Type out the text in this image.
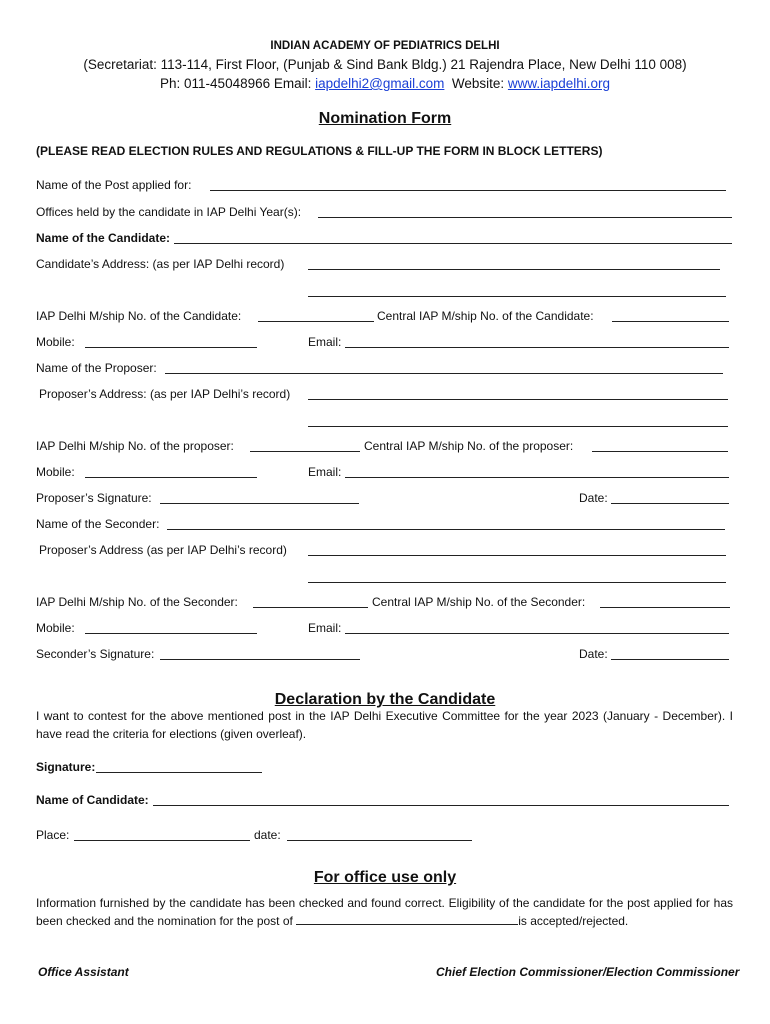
INDIAN ACADEMY OF PEDIATRICS DELHI
(Secretariat: 113-114, First Floor, (Punjab & Sind Bank Bldg.) 21 Rajendra Place, New Delhi 110 008)
Ph: 011-45048966 Email: iapdelhi2@gmail.com  Website: www.iapdelhi.org
Nomination Form
(PLEASE READ ELECTION RULES AND REGULATIONS & FILL-UP THE FORM IN BLOCK LETTERS)
Name of the Post applied for:
Offices held by the candidate in IAP Delhi Year(s):
Name of the Candidate:
Candidate’s Address: (as per IAP Delhi record)
IAP Delhi M/ship No. of the Candidate:	Central IAP M/ship No. of the Candidate:
Mobile:	Email:
Name of the Proposer:
Proposer’s Address: (as per IAP Delhi’s record)
IAP Delhi M/ship No. of the proposer:	Central IAP M/ship No. of the proposer:
Mobile:	Email:
Proposer’s Signature:	Date:
Name of the Seconder:
Proposer’s Address (as per IAP Delhi’s record)
IAP Delhi M/ship No. of the Seconder:	Central IAP M/ship No. of the Seconder:
Mobile:	Email:
Seconder’s Signature:	Date:
Declaration by the Candidate
I want to contest for the above mentioned post in the IAP Delhi Executive Committee for the year 2023 (January - December). I have read the criteria for elections (given overleaf).
Signature:
Name of Candidate:
Place:	date:
For office use only
Information furnished by the candidate has been checked and found correct. Eligibility of the candidate for the post applied for has been checked and the nomination for the post of	is accepted/rejected.
Office Assistant	Chief Election Commissioner/Election Commissioner
